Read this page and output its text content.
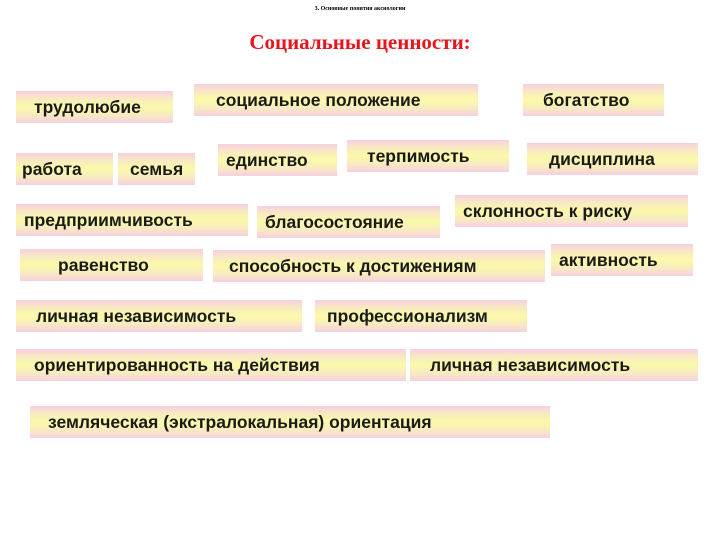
3. Основные понятия аксиологии
Социальные ценности:
трудолюбие	социальное положение	богатство
работа	семья	единство	терпимость	дисциплина
предприимчивость	благосостояние
склонность к риску
равенство	способность к достижениям	активность
личная независимость	профессионализм
ориентированность на действия	личная независимость
земляческая (экстралокальная) ориентация
